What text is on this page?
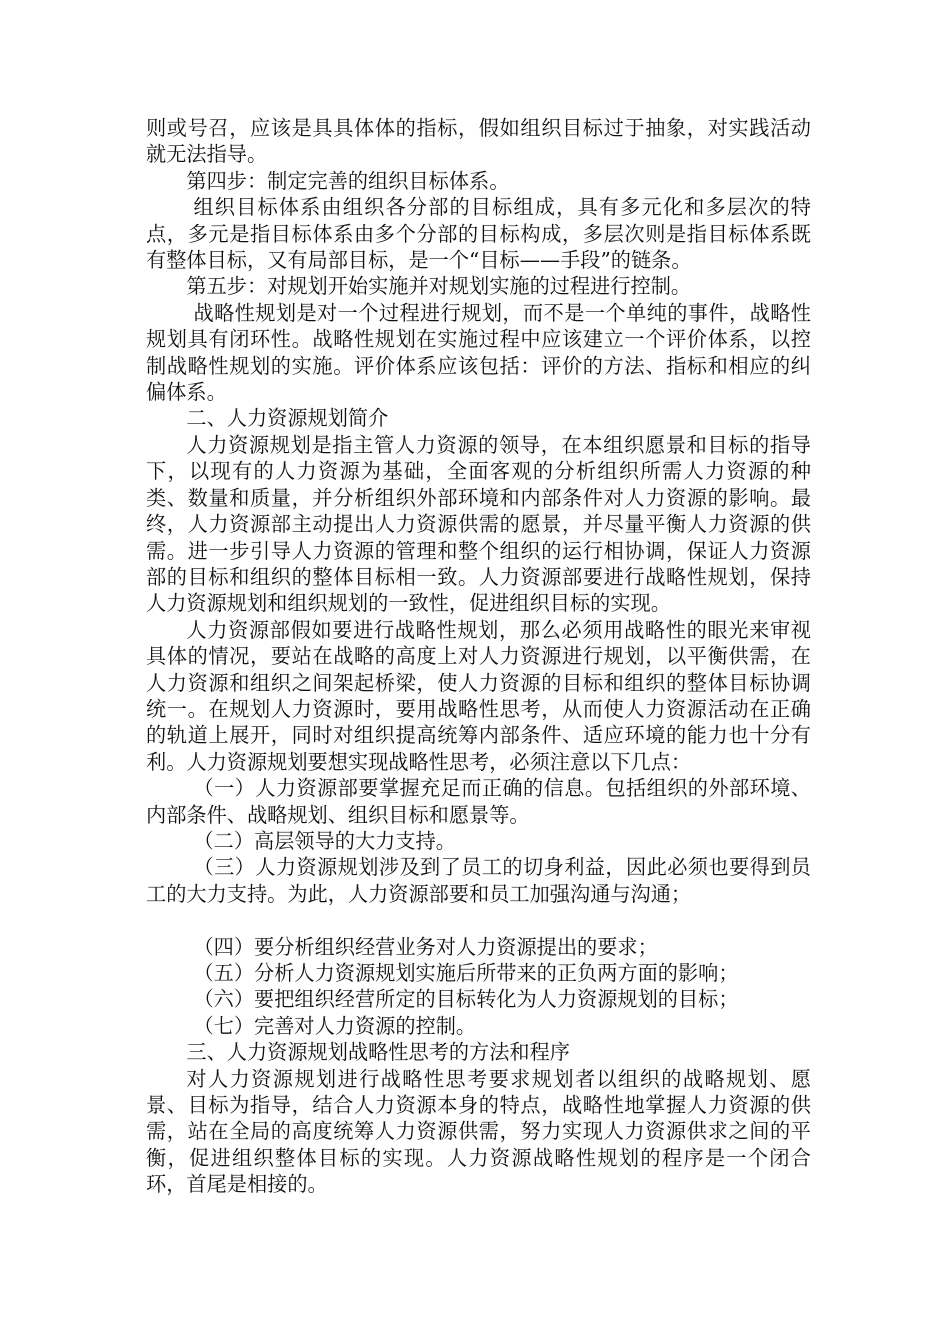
则或号召，应该是具具体体的指标，假如组织目标过于抽象，对实践活动就无法指导。

第四步：制定完善的组织目标体系。

组织目标体系由组织各分部的目标组成，具有多元化和多层次的特点，多元是指目标体系由多个分部的目标构成，多层次则是指目标体系既有整体目标，又有局部目标，是一个“目标——手段”的链条。

第五步：对规划开始实施并对规划实施的过程进行控制。

战略性规划是对一个过程进行规划，而不是一个单纯的事件，战略性规划具有闭环性。战略性规划在实施过程中应该建立一个评价体系，以控制战略性规划的实施。评价体系应该包括：评价的方法、指标和相应的纠偏体系。

二、人力资源规划简介

人力资源规划是指主管人力资源的领导，在本组织愿景和目标的指导下，以现有的人力资源为基础，全面客观的分析组织所需人力资源的种类、数量和质量，并分析组织外部环境和内部条件对人力资源的影响。最终，人力资源部主动提出人力资源供需的愿景，并尽量平衡人力资源的供需。进一步引导人力资源的管理和整个组织的运行相协调，保证人力资源部的目标和组织的整体目标相一致。人力资源部要进行战略性规划，保持人力资源规划和组织规划的一致性，促进组织目标的实现。

人力资源部假如要进行战略性规划，那么必须用战略性的眼光来审视具体的情况，要站在战略的高度上对人力资源进行规划，以平衡供需，在人力资源和组织之间架起桥梁，使人力资源的目标和组织的整体目标协调统一。在规划人力资源时，要用战略性思考，从而使人力资源活动在正确的轨道上展开，同时对组织提高统筹内部条件、适应环境的能力也十分有利。人力资源规划要想实现战略性思考，必须注意以下几点：

（一）人力资源部要掌握充足而正确的信息。包括组织的外部环境、内部条件、战略规划、组织目标和愿景等。

（二）高层领导的大力支持。

（三）人力资源规划涉及到了员工的切身利益，因此必须也要得到员工的大力支持。为此，人力资源部要和员工加强沟通与沟通；

（四）要分析组织经营业务对人力资源提出的要求；

（五）分析人力资源规划实施后所带来的正负两方面的影响；

（六）要把组织经营所定的目标转化为人力资源规划的目标；

（七）完善对人力资源的控制。

三、人力资源规划战略性思考的方法和程序

对人力资源规划进行战略性思考要求规划者以组织的战略规划、愿景、目标为指导，结合人力资源本身的特点，战略性地掌握人力资源的供需，站在全局的高度统筹人力资源供需，努力实现人力资源供求之间的平衡，促进组织整体目标的实现。人力资源战略性规划的程序是一个闭合环，首尾是相接的。
